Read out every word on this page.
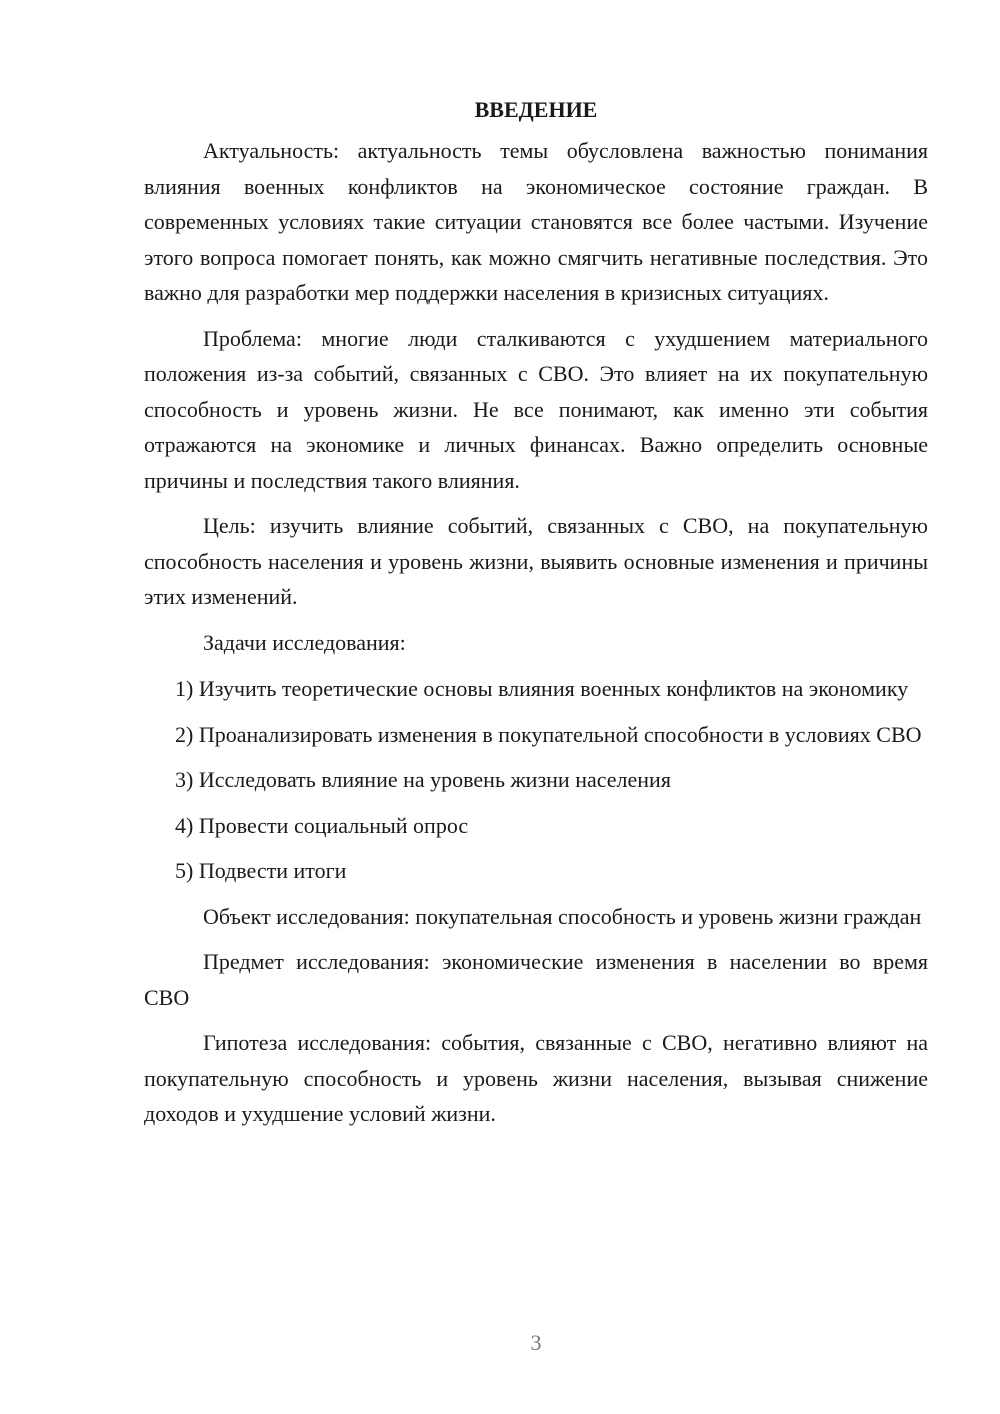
ВВЕДЕНИЕ

Актуальность: актуальность темы обусловлена важностью понимания влияния военных конфликтов на экономическое состояние граждан. В современных условиях такие ситуации становятся все более частыми. Изучение этого вопроса помогает понять, как можно смягчить негативные последствия. Это важно для разработки мер поддержки населения в кризисных ситуациях.

Проблема: многие люди сталкиваются с ухудшением материального положения из-за событий, связанных с СВО. Это влияет на их покупательную способность и уровень жизни. Не все понимают, как именно эти события отражаются на экономике и личных финансах. Важно определить основные причины и последствия такого влияния.

Цель: изучить влияние событий, связанных с СВО, на покупательную способность населения и уровень жизни, выявить основные изменения и причины этих изменений.

Задачи исследования:

1) Изучить теоретические основы влияния военных конфликтов на экономику

2) Проанализировать изменения в покупательной способности в условиях СВО

3) Исследовать влияние на уровень жизни населения

4) Провести социальный опрос

5) Подвести итоги

Объект исследования: покупательная способность и уровень жизни граждан

Предмет исследования: экономические изменения в населении во время СВО

Гипотеза исследования: события, связанные с СВО, негативно влияют на покупательную способность и уровень жизни населения, вызывая снижение доходов и ухудшение условий жизни.

3
